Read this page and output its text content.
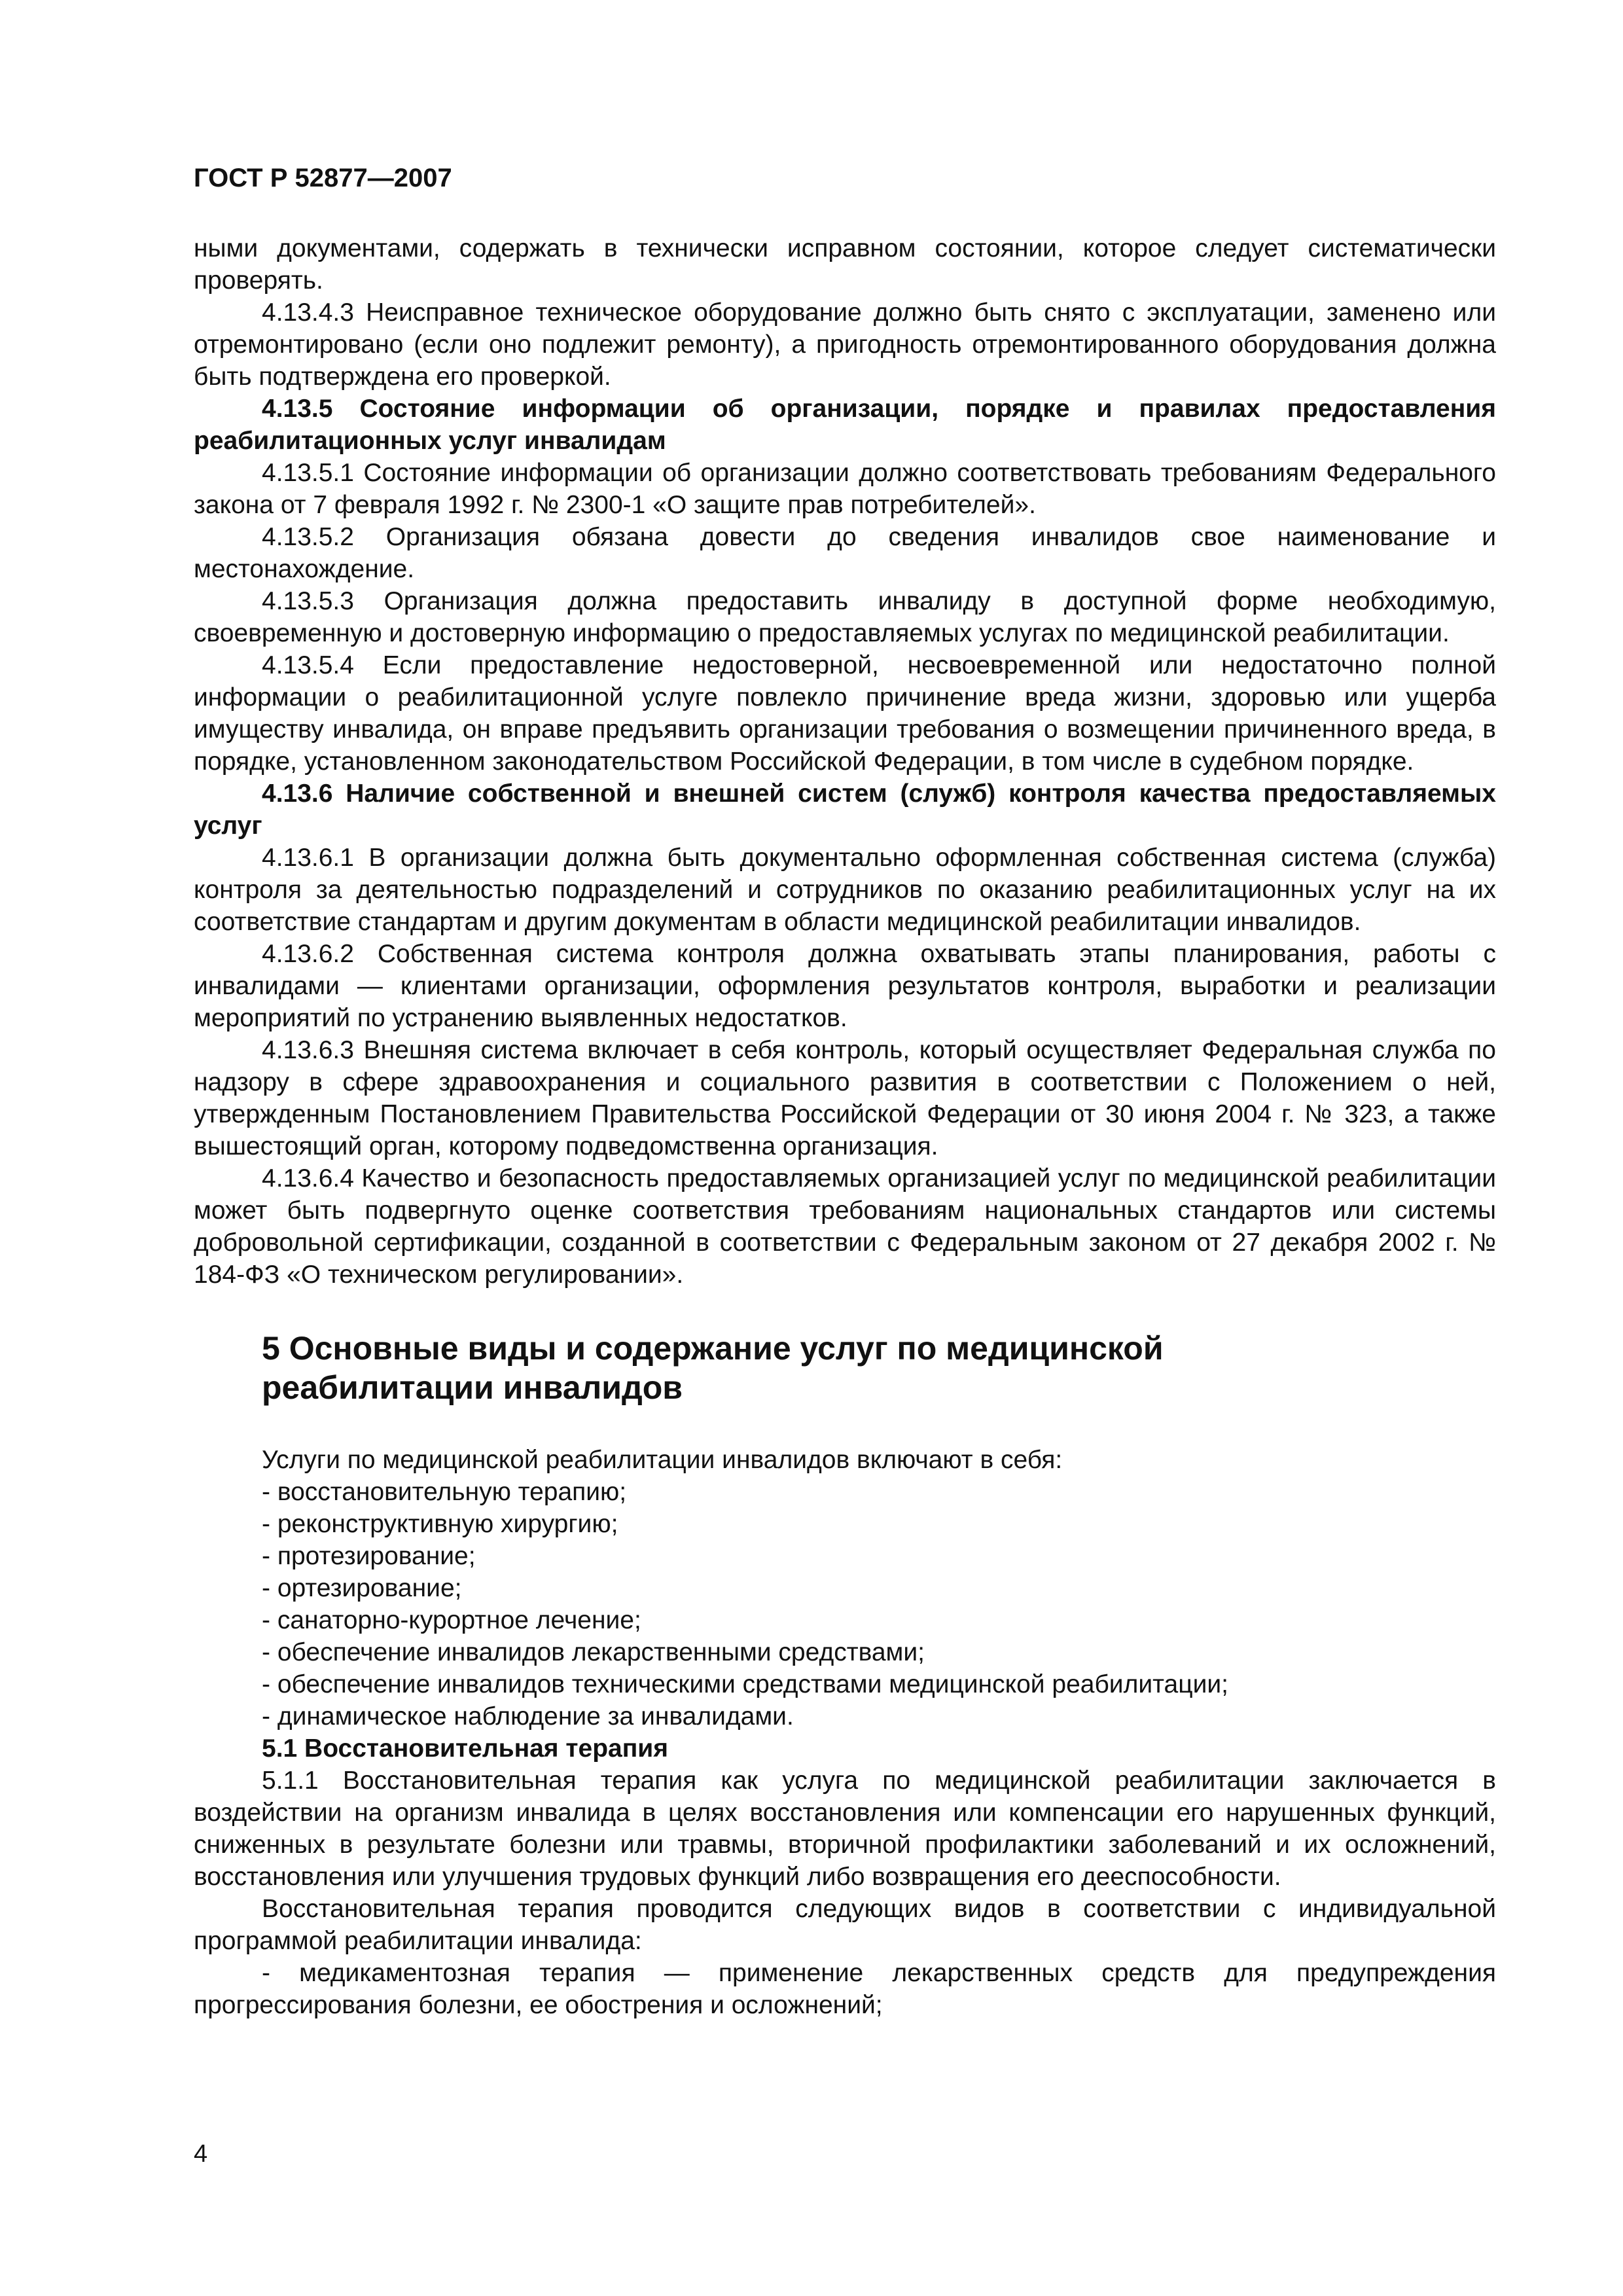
ГОСТ Р 52877—2007

ными документами, содержать в технически исправном состоянии, которое следует систематически проверять.

4.13.4.3 Неисправное техническое оборудование должно быть снято с эксплуатации, заменено или отремонтировано (если оно подлежит ремонту), а пригодность отремонтированного оборудования должна быть подтверждена его проверкой.

4.13.5 Состояние информации об организации, порядке и правилах предоставления реабилитационных услуг инвалидам

4.13.5.1 Состояние информации об организации должно соответствовать требованиям Федерального закона от 7 февраля 1992 г. № 2300-1 «О защите прав потребителей».

4.13.5.2 Организация обязана довести до сведения инвалидов свое наименование и местонахождение.

4.13.5.3 Организация должна предоставить инвалиду в доступной форме необходимую, своевременную и достоверную информацию о предоставляемых услугах по медицинской реабилитации.

4.13.5.4 Если предоставление недостоверной, несвоевременной или недостаточно полной информации о реабилитационной услуге повлекло причинение вреда жизни, здоровью или ущерба имуществу инвалида, он вправе предъявить организации требования о возмещении причиненного вреда, в порядке, установленном законодательством Российской Федерации, в том числе в судебном порядке.

4.13.6 Наличие собственной и внешней систем (служб) контроля качества предоставляемых услуг

4.13.6.1 В организации должна быть документально оформленная собственная система (служба) контроля за деятельностью подразделений и сотрудников по оказанию реабилитационных услуг на их соответствие стандартам и другим документам в области медицинской реабилитации инвалидов.

4.13.6.2 Собственная система контроля должна охватывать этапы планирования, работы с инвалидами — клиентами организации, оформления результатов контроля, выработки и реализации мероприятий по устранению выявленных недостатков.

4.13.6.3 Внешняя система включает в себя контроль, который осуществляет Федеральная служба по надзору в сфере здравоохранения и социального развития в соответствии с Положением о ней, утвержденным Постановлением Правительства Российской Федерации от 30 июня 2004 г. № 323, а также вышестоящий орган, которому подведомственна организация.

4.13.6.4 Качество и безопасность предоставляемых организацией услуг по медицинской реабилитации может быть подвергнуто оценке соответствия требованиям национальных стандартов или системы добровольной сертификации, созданной в соответствии с Федеральным законом от 27 декабря 2002 г. № 184-ФЗ «О техническом регулировании».

5 Основные виды и содержание услуг по медицинской реабилитации инвалидов

Услуги по медицинской реабилитации инвалидов включают в себя:

- восстановительную терапию;
- реконструктивную хирургию;
- протезирование;
- ортезирование;
- санаторно-курортное лечение;
- обеспечение инвалидов лекарственными средствами;
- обеспечение инвалидов техническими средствами медицинской реабилитации;
- динамическое наблюдение за инвалидами.

5.1 Восстановительная терапия

5.1.1 Восстановительная терапия как услуга по медицинской реабилитации заключается в воздействии на организм инвалида в целях восстановления или компенсации его нарушенных функций, сниженных в результате болезни или травмы, вторичной профилактики заболеваний и их осложнений, восстановления или улучшения трудовых функций либо возвращения его дееспособности.

Восстановительная терапия проводится следующих видов в соответствии с индивидуальной программой реабилитации инвалида:

- медикаментозная терапия — применение лекарственных средств для предупреждения прогрессирования болезни, ее обострения и осложнений;

4
